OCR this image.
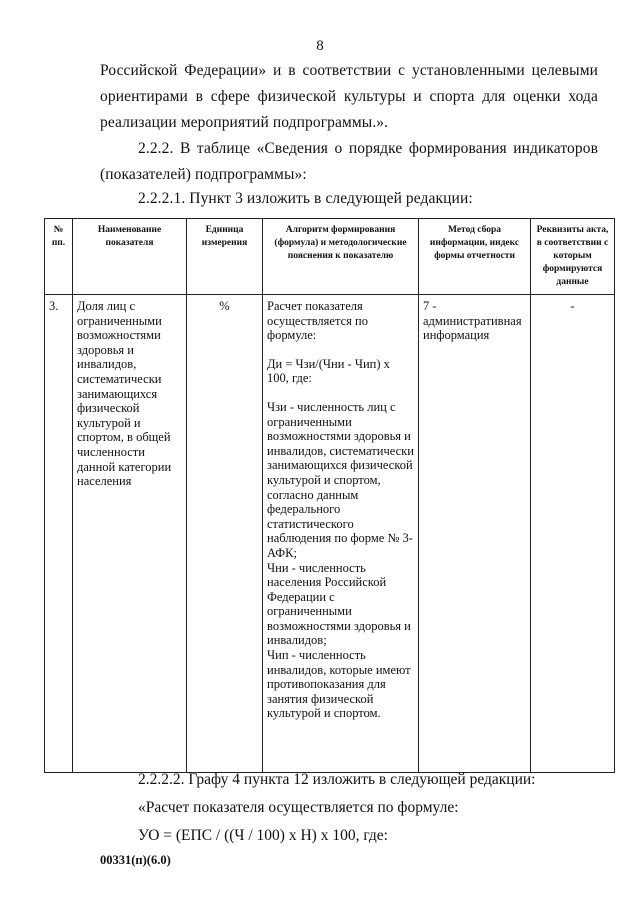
8
Российской Федерации» и в соответствии с установленными целевыми ориентирами в сфере физической культуры и спорта для оценки хода реализации мероприятий подпрограммы.».
2.2.2. В таблице «Сведения о порядке формирования индикаторов (показателей) подпрограммы»:
2.2.2.1. Пункт 3 изложить в следующей редакции:
№ пп.	Наименование показателя	Единица измерения	Алгоритм формирования (формула) и методологические пояснения к показателю	Метод сбора информации, индекс формы отчетности	Реквизиты акта, в соответствии с которым формируются данные
3.	Доля лиц с ограниченными возможностями здоровья и инвалидов, систематически занимающихся физической культурой и спортом, в общей численности данной категории населения	%	Расчет показателя осуществляется по формуле:
Ди = Чзи/(Чни - Чип) х 100, где:
Чзи - численность лиц с ограниченными возможностями здоровья и инвалидов, систематически занимающихся физической культурой и спортом, согласно данным федерального статистического наблюдения по форме № 3-АФК;
Чни - численность населения Российской Федерации с ограниченными возможностями здоровья и инвалидов;
Чип - численность инвалидов, которые имеют противопоказания для занятия физической культурой и спортом.	7 - административная информация	-
2.2.2.2. Графу 4 пункта 12 изложить в следующей редакции:
«Расчет показателя осуществляется по формуле:
УО = (ЕПС / ((Ч / 100) х Н) х 100, где:
00331(п)(6.0)
